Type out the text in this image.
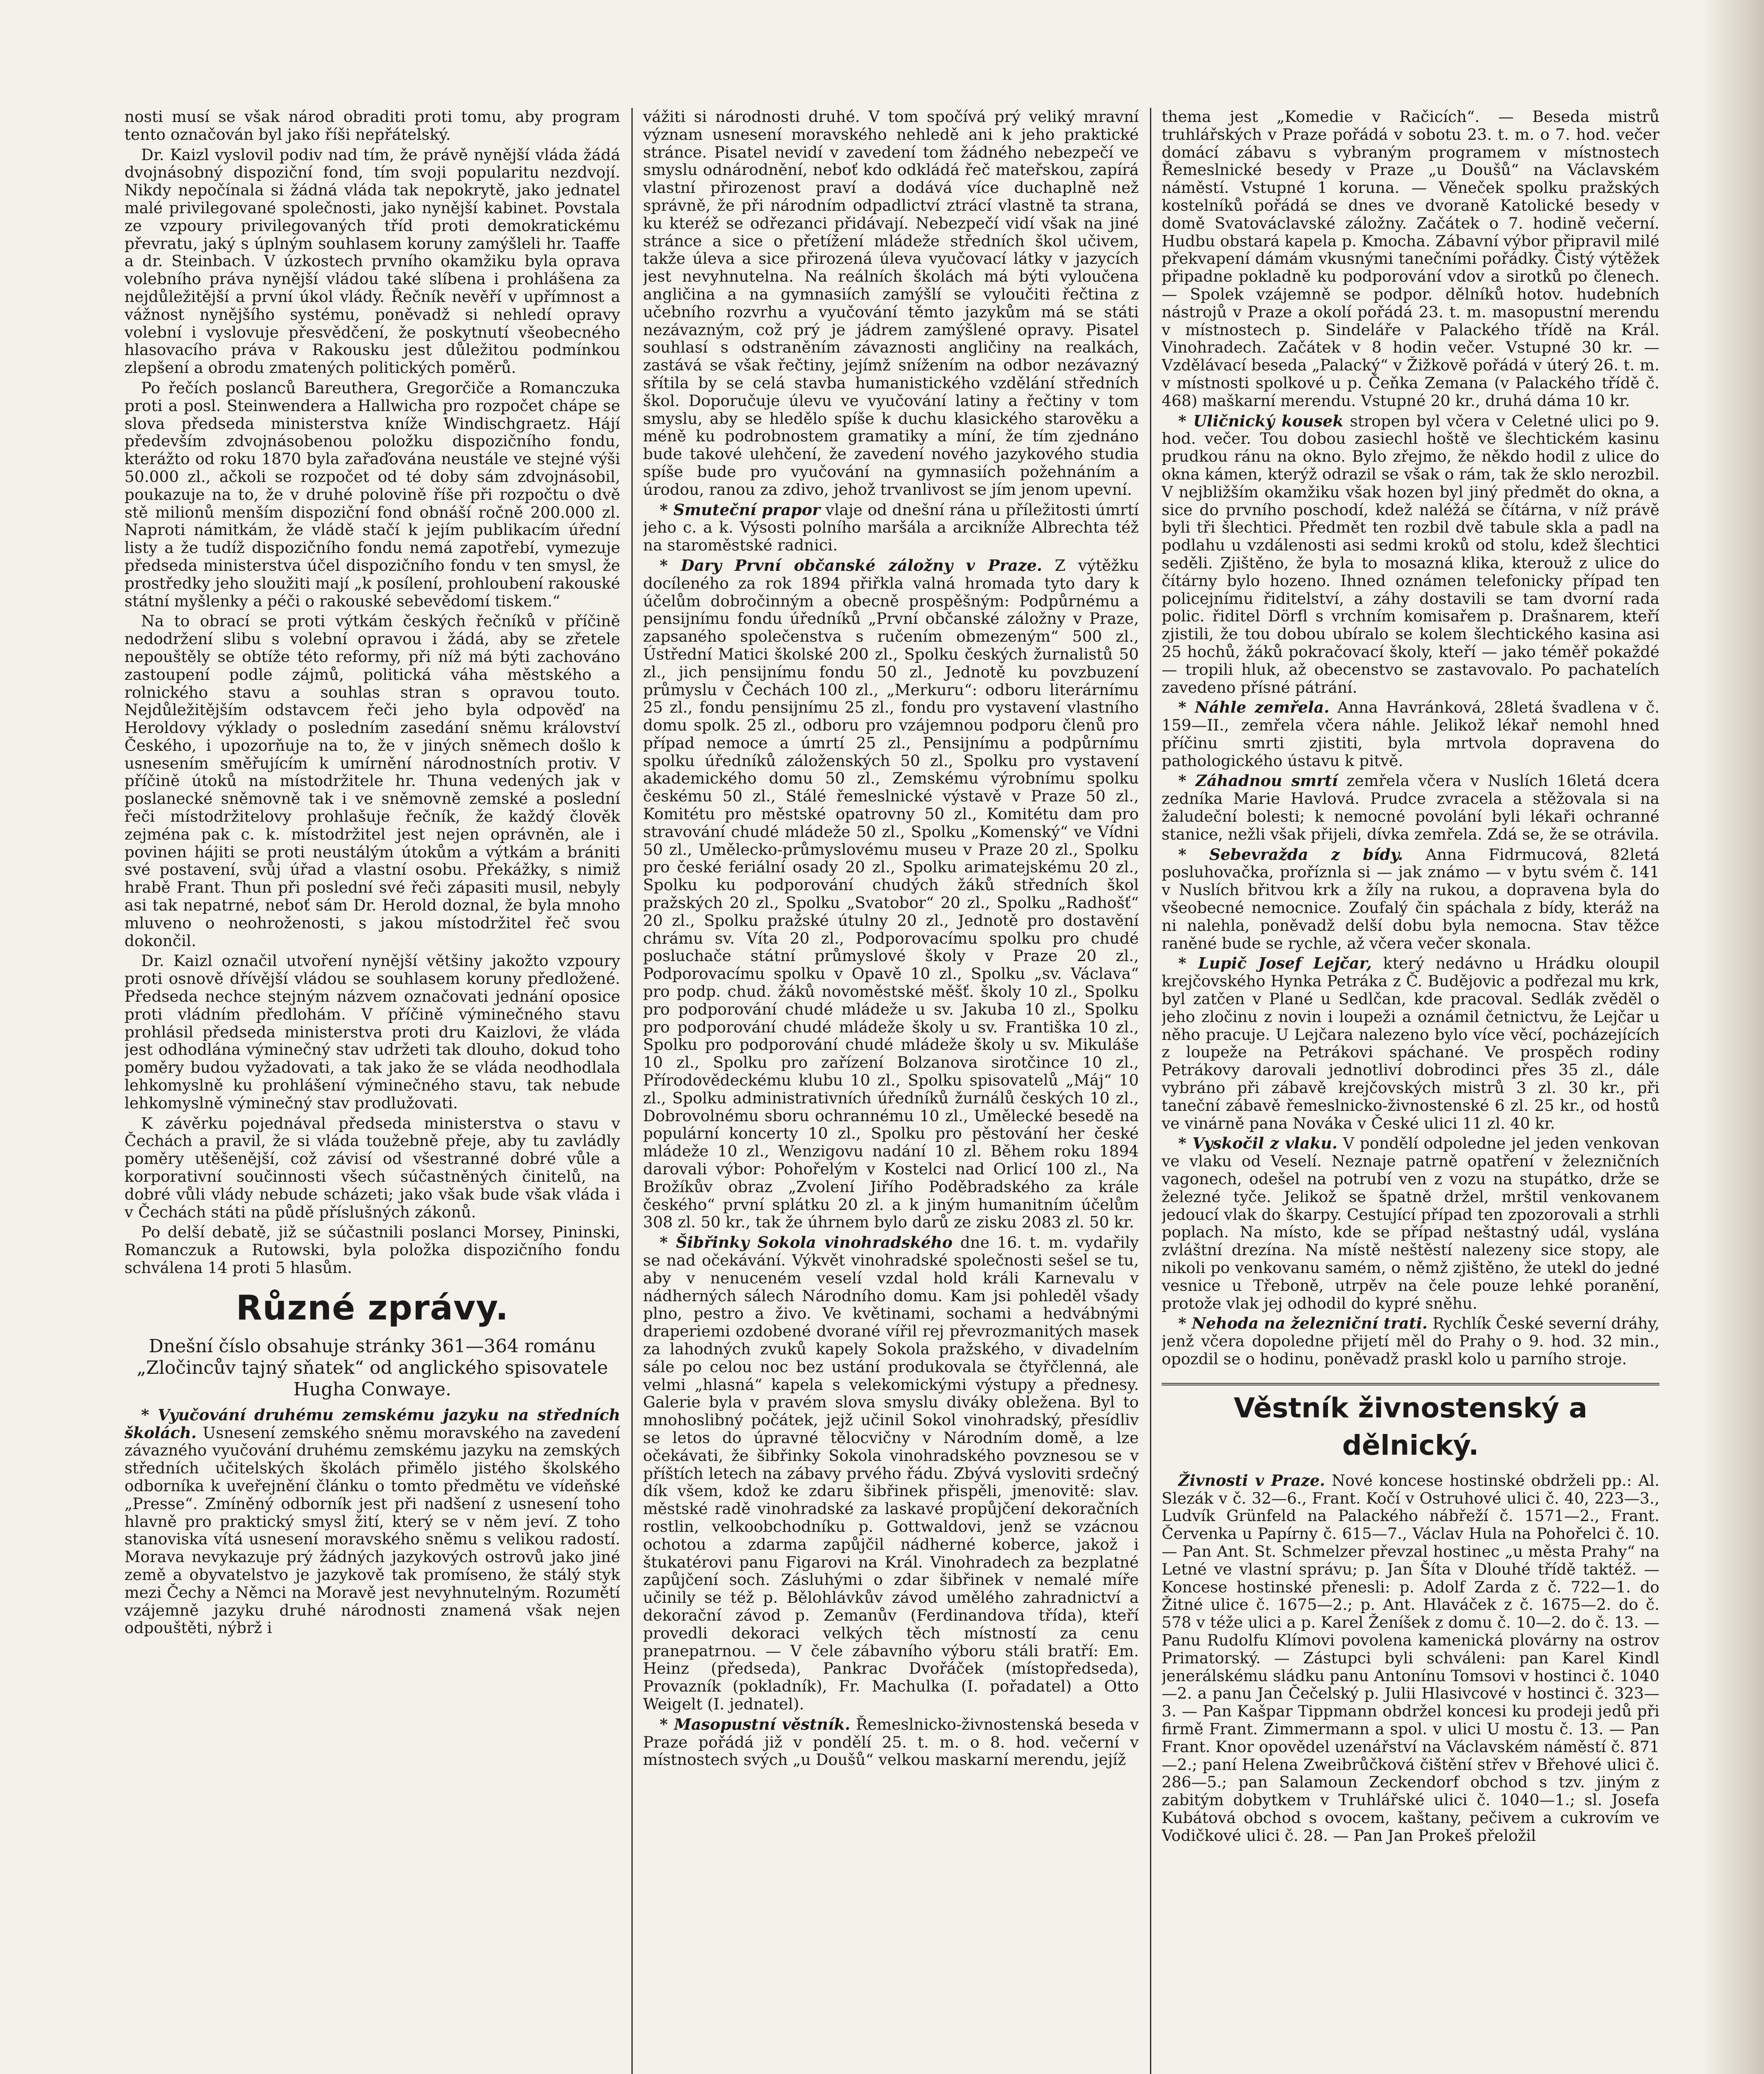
nosti musí se však národ obraditi proti tomu, aby program tento označován byl jako říši nepřátelský.

Dr. Kaizl vyslovil podiv nad tím, že právě nynější vláda žádá dvojnásobný dispoziční fond, tím svoji popularitu nezdvojí. Nikdy nepočínala si žádná vláda tak nepokrytě, jako jednatel malé privilegované společnosti, jako nynější kabinet. Povstala ze vzpoury privilegovaných tříd proti demokratickému převratu, jaký s úplným souhlasem koruny zamýšleli hr. Taaffe a dr. Steinbach. V úzkostech prvního okamžiku byla oprava volebního práva nynější vládou také slíbena i prohlášena za nejdůležitější a první úkol vlády. Řečník nevěří v upřímnost a vážnost nynějšího systému, poněvadž si nehledí opravy volební i vyslovuje přesvědčení, že poskytnutí všeobecného hlasovacího práva v Rakousku jest důležitou podmínkou zlepšení a obrodu zmatených politických poměrů.

Po řečích poslanců Bareuthera, Gregorčiče a Romanczuka proti a posl. Steinwendera a Hallwicha pro rozpočet chápe se slova předseda ministerstva kníže Windischgraetz. Hájí především zdvojnásobenou položku dispozičního fondu, kterážto od roku 1870 byla zařaďována neustále ve stejné výši 50.000 zl., ačkoli se rozpočet od té doby sám zdvojnásobil, poukazuje na to, že v druhé polovině říše při rozpočtu o dvě stě milionů menším dispoziční fond obnáší ročně 200.000 zl. Naproti námitkám, že vládě stačí k jejím publikacím úřední listy a že tudíž dispozičního fondu nemá zapotřebí, vymezuje předseda ministerstva účel dispozičního fondu v ten smysl, že prostředky jeho sloužiti mají „k posílení, prohloubení rakouské státní myšlenky a péči o rakouské sebevědomí tiskem.“

Na to obrací se proti výtkám českých řečníků v příčině nedodržení slibu s volební opravou i žádá, aby se zřetele nepouštěly se obtíže této reformy, při níž má býti zachováno zastoupení podle zájmů, politická váha městského a rolnického stavu a souhlas stran s opravou touto. Nejdůležitějším odstavcem řeči jeho byla odpověď na Heroldovy výklady o posledním zasedání sněmu království Českého, i upozorňuje na to, že v jiných sněmech došlo k usnesením směřujícím k umírnění národnostních protiv. V příčině útoků na místodržitele hr. Thuna vedených jak v poslanecké sněmovně tak i ve sněmovně zemské a poslední řeči místodržitelovy prohlašuje řečník, že každý člověk zejména pak c. k. místodržitel jest nejen oprávněn, ale i povinen hájiti se proti neustálým útokům a výtkám a brániti své postavení, svůj úřad a vlastní osobu. Překážky, s nimiž hrabě Frant. Thun při poslední své řeči zápasiti musil, nebyly asi tak nepatrné, neboť sám Dr. Herold doznal, že byla mnoho mluveno o neohroženosti, s jakou místodržitel řeč svou dokončil.

Dr. Kaizl označil utvoření nynější většiny jakožto vzpoury proti osnově dřívější vládou se souhlasem koruny předložené. Předseda nechce stejným názvem označovati jednání oposice proti vládním předlohám. V příčině výminečného stavu prohlásil předseda ministerstva proti dru Kaizlovi, že vláda jest odhodlána výminečný stav udržeti tak dlouho, dokud toho poměry budou vyžadovati, a tak jako že se vláda neodhodlala lehkomyslně ku prohlášení výminečného stavu, tak nebude lehkomyslně výminečný stav prodlužovati.

K závěrku pojednával předseda ministerstva o stavu v Čechách a pravil, že si vláda toužebně přeje, aby tu zavládly poměry utěšenější, což závisí od všestranné dobré vůle a korporativní součinnosti všech súčastněných činitelů, na dobré vůli vlády nebude scházeti; jako však bude však vláda i v Čechách státi na půdě příslušných zákonů.

Po delší debatě, již se súčastnili poslanci Morsey, Pininski, Romanczuk a Rutowski, byla položka dispozičního fondu schválena 14 proti 5 hlasům.

Různé zprávy.

Dnešní číslo obsahuje stránky 361—364 románu „Zločincův tajný sňatek“ od anglického spisovatele Hugha Conwaye.

* Vyučování druhému zemskému jazyku na středních školách. Usnesení zemského sněmu moravského na zavedení závazného vyučování druhému zemskému jazyku na zemských středních učitelských školách přimělo jistého školského odborníka k uveřejnění článku o tomto předmětu ve vídeňské „Presse“. Zmíněný odborník jest při nadšení z usnesení toho hlavně pro praktický smysl žití, který se v něm jeví. Z toho stanoviska vítá usnesení moravského sněmu s velikou radostí. Morava nevykazuje prý žádných jazykových ostrovů jako jiné země a obyvatelstvo je jazykově tak promíseno, že stálý styk mezi Čechy a Němci na Moravě jest nevyhnutelným. Rozumětí vzájemně jazyku druhé národnosti znamená však nejen odpouštěti, nýbrž i

vážiti si národnosti druhé. V tom spočívá prý veliký mravní význam usnesení moravského nehledě ani k jeho praktické stránce. Pisatel nevidí v zavedení tom žádného nebezpečí ve smyslu odnárodnění, neboť kdo odkládá řeč mateřskou, zapírá vlastní přirozenost praví a dodává více duchaplně než správně, že při národním odpadlictví ztrácí vlastně ta strana, ku kteréž se odřezanci přidávají. Nebezpečí vidí však na jiné stránce a sice o přetížení mládeže středních škol učivem, takže úleva a sice přirozená úleva vyučovací látky v jazycích jest nevyhnutelna. Na reálních školách má býti vyloučena angličina a na gymnasiích zamýšlí se vyloučiti řečtina z učebního rozvrhu a vyučování těmto jazykům má se státi nezávazným, což prý je jádrem zamýšlené opravy. Pisatel souhlasí s odstraněním závaznosti angličiny na realkách, zastává se však řečtiny, jejímž snížením na odbor nezávazný sřítila by se celá stavba humanistického vzdělání středních škol. Doporučuje úlevu ve vyučování latiny a řečtiny v tom smyslu, aby se hledělo spíše k duchu klasického starověku a méně ku podrobnostem gramatiky a míní, že tím zjednáno bude takové ulehčení, že zavedení nového jazykového studia spíše bude pro vyučování na gymnasiích požehnáním a úrodou, ranou za zdivo, jehož trvanlivost se jím jenom upevní.

* Smuteční prapor vlaje od dnešní rána u příležitosti úmrtí jeho c. a k. Výsosti polního maršála a arcikníže Albrechta též na staroměstské radnici.

* Dary První občanské záložny v Praze. Z výtěžku docíleného za rok 1894 přiřkla valná hromada tyto dary k účelům dobročinným a obecně prospěšným: Podpůrnému a pensijnímu fondu úředníků „První občanské záložny v Praze, zapsaného společenstva s ručením obmezeným“ 500 zl., Ústřední Matici školské 200 zl., Spolku českých žurnalistů 50 zl., jich pensijnímu fondu 50 zl., Jednotě ku povzbuzení průmyslu v Čechách 100 zl., „Merkuru“: odboru literárnímu 25 zl., fondu pensijnímu 25 zl., fondu pro vystavení vlastního domu spolk. 25 zl., odboru pro vzájemnou podporu členů pro případ nemoce a úmrtí 25 zl., Pensijnímu a podpůrnímu spolku úředníků záloženských 50 zl., Spolku pro vystavení akademického domu 50 zl., Zemskému výrobnímu spolku českému 50 zl., Stálé řemeslnické výstavě v Praze 50 zl., Komitétu pro městské opatrovny 50 zl., Komitétu dam pro stravování chudé mládeže 50 zl., Spolku „Komenský“ ve Vídni 50 zl., Umělecko-průmyslovému museu v Praze 20 zl., Spolku pro české feriální osady 20 zl., Spolku arimatejskému 20 zl., Spolku ku podporování chudých žáků středních škol pražských 20 zl., Spolku „Svatobor“ 20 zl., Spolku „Radhošť“ 20 zl., Spolku pražské útulny 20 zl., Jednotě pro dostavění chrámu sv. Víta 20 zl., Podporovacímu spolku pro chudé posluchače státní průmyslové školy v Praze 20 zl., Podporovacímu spolku v Opavě 10 zl., Spolku „sv. Václava“ pro podp. chud. žáků novoměstské měšť. školy 10 zl., Spolku pro podporování chudé mládeže u sv. Jakuba 10 zl., Spolku pro podporování chudé mládeže školy u sv. Františka 10 zl., Spolku pro podporování chudé mládeže školy u sv. Mikuláše 10 zl., Spolku pro zařízení Bolzanova sirotčince 10 zl., Přírodovědeckému klubu 10 zl., Spolku spisovatelů „Máj“ 10 zl., Spolku administrativních úředníků žurnálů českých 10 zl., Dobrovolnému sboru ochrannému 10 zl., Umělecké besedě na populární koncerty 10 zl., Spolku pro pěstování her české mládeže 10 zl., Wenzigovu nadání 10 zl. Během roku 1894 darovali výbor: Pohořelým v Kostelci nad Orlicí 100 zl., Na Brožíkův obraz „Zvolení Jiřího Poděbradského za krále českého“ první splátku 20 zl. a k jiným humanitním účelům 308 zl. 50 kr., tak že úhrnem bylo darů ze zisku 2083 zl. 50 kr.

* Šibřinky Sokola vinohradského dne 16. t. m. vydařily se nad očekávání. Výkvět vinohradské společnosti sešel se tu, aby v nenuceném veselí vzdal hold králi Karnevalu v nádherných sálech Národního domu. Kam jsi pohleděl všady plno, pestro a živo. Ve květinami, sochami a hedvábnými draperiemi ozdobené dvorané vířil rej převrozmanitých masek za lahodných zvuků kapely Sokola pražského, v divadelním sále po celou noc bez ustání produkovala se čtyřčlenná, ale velmi „hlasná“ kapela s velekomickými výstupy a přednesy. Galerie byla v pravém slova smyslu diváky obležena. Byl to mnohoslibný počátek, jejž učinil Sokol vinohradský, přesídliv se letos do úpravné tělocvičny v Národním domě, a lze očekávati, že šibřinky Sokola vinohradského povznesou se v příštích letech na zábavy prvého řádu. Zbývá vysloviti srdečný dík všem, kdož ke zdaru šibřinek přispěli, jmenovitě: slav. městské radě vinohradské za laskavé propůjčení dekoračních rostlin, velkoobchodníku p. Gottwaldovi, jenž se vzácnou ochotou a zdarma zapůjčil nádherné koberce, jakož i štukatérovi panu Figarovi na Král. Vinohradech za bezplatné zapůjčení soch. Zásluhými o zdar šibřinek v nemalé míře učinily se též p. Bělohlávkův závod umělého zahradnictví a dekorační závod p. Zemanův (Ferdinandova třída), kteří provedli dekoraci velkých těch místností za cenu pranepatrnou. — V čele zábavního výboru stáli bratří: Em. Heinz (předseda), Pankrac Dvořáček (místopředseda), Provazník (pokladník), Fr. Machulka (I. pořadatel) a Otto Weigelt (I. jednatel).

* Masopustní věstník. Řemeslnicko-živnostenská beseda v Praze pořádá již v pondělí 25. t. m. o 8. hod. večerní v místnostech svých „u Doušů“ velkou maskarní merendu, jejíž

thema jest „Komedie v Račicích“. — Beseda mistrů truhlářských v Praze pořádá v sobotu 23. t. m. o 7. hod. večer domácí zábavu s vybraným programem v místnostech Řemeslnické besedy v Praze „u Doušů“ na Václavském náměstí. Vstupné 1 koruna. — Věneček spolku pražských kostelníků pořádá se dnes ve dvoraně Katolické besedy v domě Svatováclavské záložny. Začátek o 7. hodině večerní. Hudbu obstará kapela p. Kmocha. Zábavní výbor připravil milé překvapení dámám vkusnými tanečními pořádky. Čistý výtěžek připadne pokladně ku podporování vdov a sirotků po členech. — Spolek vzájemně se podpor. dělníků hotov. hudebních nástrojů v Praze a okolí pořádá 23. t. m. masopustní merendu v místnostech p. Sindeláře v Palackého třídě na Král. Vinohradech. Začátek v 8 hodin večer. Vstupné 30 kr. — Vzdělávací beseda „Palacký“ v Žižkově pořádá v úterý 26. t. m. v místnosti spolkové u p. Čeňka Zemana (v Palackého třídě č. 468) maškarní merendu. Vstupné 20 kr., druhá dáma 10 kr.

* Uličnický kousek stropen byl včera v Celetné ulici po 9. hod. večer. Tou dobou zasiechl hoště ve šlechtickém kasinu prudkou ránu na okno. Bylo zřejmo, že někdo hodil z ulice do okna kámen, kterýž odrazil se však o rám, tak že sklo nerozbil. V nejbližším okamžiku však hozen byl jiný předmět do okna, a sice do prvního poschodí, kdež naléžá se čítárna, v níž právě byli tři šlechtici. Předmět ten rozbil dvě tabule skla a padl na podlahu u vzdálenosti asi sedmi kroků od stolu, kdež šlechtici seděli. Zjištěno, že byla to mosazná klika, kterouž z ulice do čítárny bylo hozeno. Ihned oznámen telefonicky případ ten policejnímu řiditelství, a záhy dostavili se tam dvorní rada polic. řiditel Dörfl s vrchním komisařem p. Drašnarem, kteří zjistili, že tou dobou ubíralo se kolem šlechtického kasina asi 25 hochů, žáků pokračovací školy, kteří — jako téměř pokaždé — tropili hluk, až obecenstvo se zastavovalo. Po pachatelích zavedeno přísné pátrání.

* Náhle zemřela. Anna Havránková, 28letá švadlena v č. 159—II., zemřela včera náhle. Jelikož lékař nemohl hned příčinu smrti zjistiti, byla mrtvola dopravena do pathologického ústavu k pitvě.

* Záhadnou smrtí zemřela včera v Nuslích 16letá dcera zedníka Marie Havlová. Prudce zvracela a stěžovala si na žaludeční bolesti; k nemocné povolání byli lékaři ochranné stanice, nežli však přijeli, dívka zemřela. Zdá se, že se otrávila.

* Sebevražda z bídy. Anna Fidrmucová, 82letá posluhovačka, proříznla si — jak známo — v bytu svém č. 141 v Nuslích břitvou krk a žíly na rukou, a dopravena byla do všeobecné nemocnice. Zoufalý čin spáchala z bídy, kteráž na ni nalehla, poněvadž delší dobu byla nemocna. Stav těžce raněné bude se rychle, až včera večer skonala.

* Lupič Josef Lejčar, který nedávno u Hrádku oloupil krejčovského Hynka Petráka z Č. Budějovic a podřezal mu krk, byl zatčen v Plané u Sedlčan, kde pracoval. Sedlák zvěděl o jeho zločinu z novin i loupeži a oznámil četnictvu, že Lejčar u něho pracuje. U Lejčara nalezeno bylo více věcí, pocházejících z loupeže na Petrákovi spáchané. Ve prospěch rodiny Petrákovy darovali jednotliví dobrodinci přes 35 zl., dále vybráno při zábavě krejčovských mistrů 3 zl. 30 kr., při taneční zábavě řemeslnicko-živnostenské 6 zl. 25 kr., od hostů ve vinárně pana Nováka v České ulici 11 zl. 40 kr.

* Vyskočil z vlaku. V pondělí odpoledne jel jeden venkovan ve vlaku od Veselí. Neznaje patrně opatření v železničních vagonech, odešel na potrubí ven z vozu na stupátko, drže se železné tyče. Jelikož se špatně držel, mrštil venkovanem jedoucí vlak do škarpy. Cestující případ ten zpozorovali a strhli poplach. Na místo, kde se případ neštastný udál, vyslána zvláštní drezína. Na místě neštěstí nalezeny sice stopy, ale nikoli po venkovanu samém, o němž zjištěno, že utekl do jedné vesnice u Třeboně, utrpěv na čele pouze lehké poranění, protože vlak jej odhodil do kypré sněhu.

* Nehoda na železniční trati. Rychlík České severní dráhy, jenž včera dopoledne přijetí měl do Prahy o 9. hod. 32 min., opozdil se o hodinu, poněvadž praskl kolo u parního stroje.

Věstník živnostenský a dělnický.

Živnosti v Praze. Nové koncese hostinské obdrželi pp.: Al. Slezák v č. 32—6., Frant. Kočí v Ostruhové ulici č. 40, 223—3., Ludvík Grünfeld na Palackého nábřeží č. 1571—2., Frant. Červenka u Papírny č. 615—7., Václav Hula na Pohořelci č. 10. — Pan Ant. St. Schmelzer převzal hostinec „u města Prahy“ na Letné ve vlastní správu; p. Jan Šíta v Dlouhé třídě taktéž. — Koncese hostinské přenesli: p. Adolf Zarda z č. 722—1. do Žitné ulice č. 1675—2.; p. Ant. Hlaváček z č. 1675—2. do č. 578 v téže ulici a p. Karel Ženíšek z domu č. 10—2. do č. 13. — Panu Rudolfu Klímovi povolena kamenická plovárny na ostrov Primatorský. — Zástupci byli schváleni: pan Karel Kindl jenerálskému sládku panu Antonínu Tomsovi v hostinci č. 1040—2. a panu Jan Čečelský p. Julii Hlasivcové v hostinci č. 323—3. — Pan Kašpar Tippmann obdržel koncesi ku prodeji jedů při firmě Frant. Zimmermann a spol. v ulici U mostu č. 13. — Pan Frant. Knor opovědel uzenářství na Václavském náměstí č. 871—2.; paní Helena Zweibrůčková čištění střev v Břehové ulici č. 286—5.; pan Salamoun Zeckendorf obchod s tzv. jiným z zabitým dobytkem v Truhlářské ulici č. 1040—1.; sl. Josefa Kubátová obchod s ovocem, kaštany, pečivem a cukrovím ve Vodičkové ulici č. 28. — Pan Jan Prokeš přeložil
